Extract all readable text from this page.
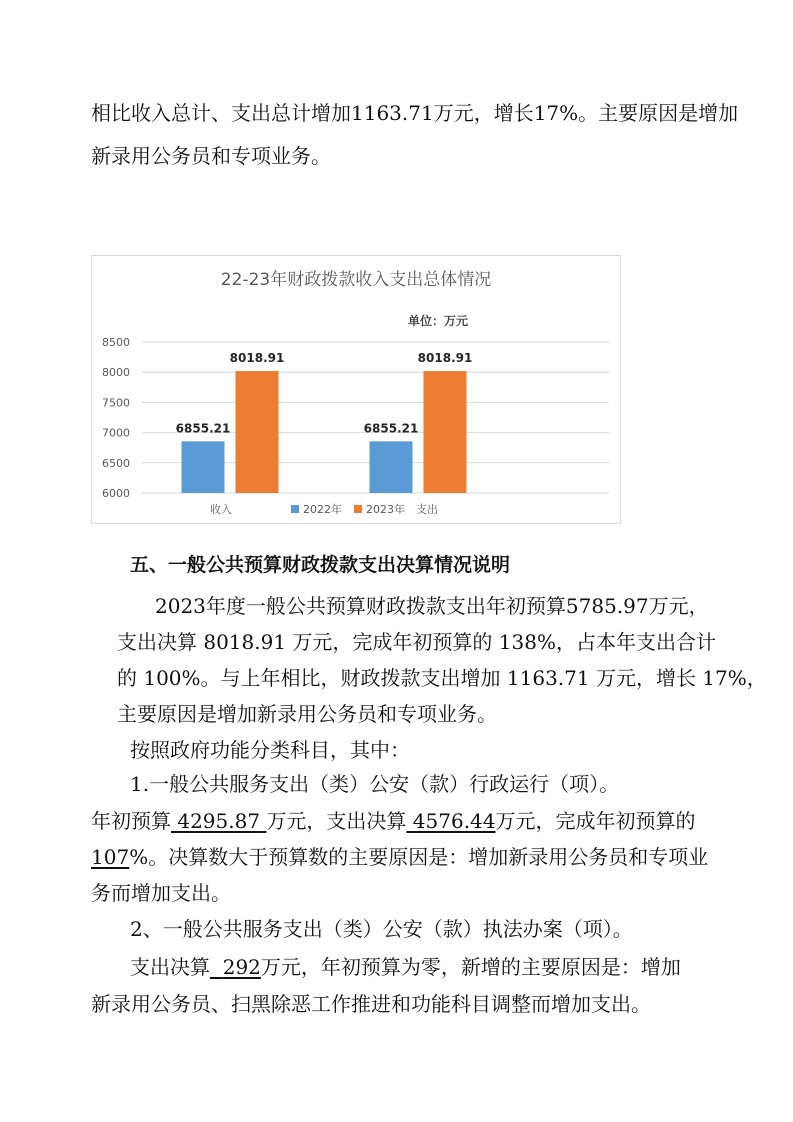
相比收入总计、支出总计增加1163.71万元，增长17%。主要原因是增加
新录用公务员和专项业务。
22-23年财政拨款收入支出总体情况
单位：万元
6000
6500
7000
7500
8000
8500
6855.21	6855.21
8018.91	8018.91
收入	2022年 2023年 支出
五、一般公共预算财政拨款支出决算情况说明
2023年度一般公共预算财政拨款支出年初预算5785.97万元，
支出决算 8018.91 万元，完成年初预算的 138%，占本年支出合计
的 100%。与上年相比，财政拨款支出增加 1163.71 万元，增长 17%，
主要原因是增加新录用公务员和专项业务。
按照政府功能分类科目，其中：
1.一般公共服务支出（类）公安（款）行政运行（项）。
年初预算 4295.87 万元，支出决算 4576.44万元，完成年初预算的
107%。决算数大于预算数的主要原因是：增加新录用公务员和专项业
务而增加支出。
2、一般公共服务支出（类）公安（款）执法办案（项）。
支出决算 292万元，年初预算为零，新增的主要原因是：增加
新录用公务员、扫黑除恶工作推进和功能科目调整而增加支出。
